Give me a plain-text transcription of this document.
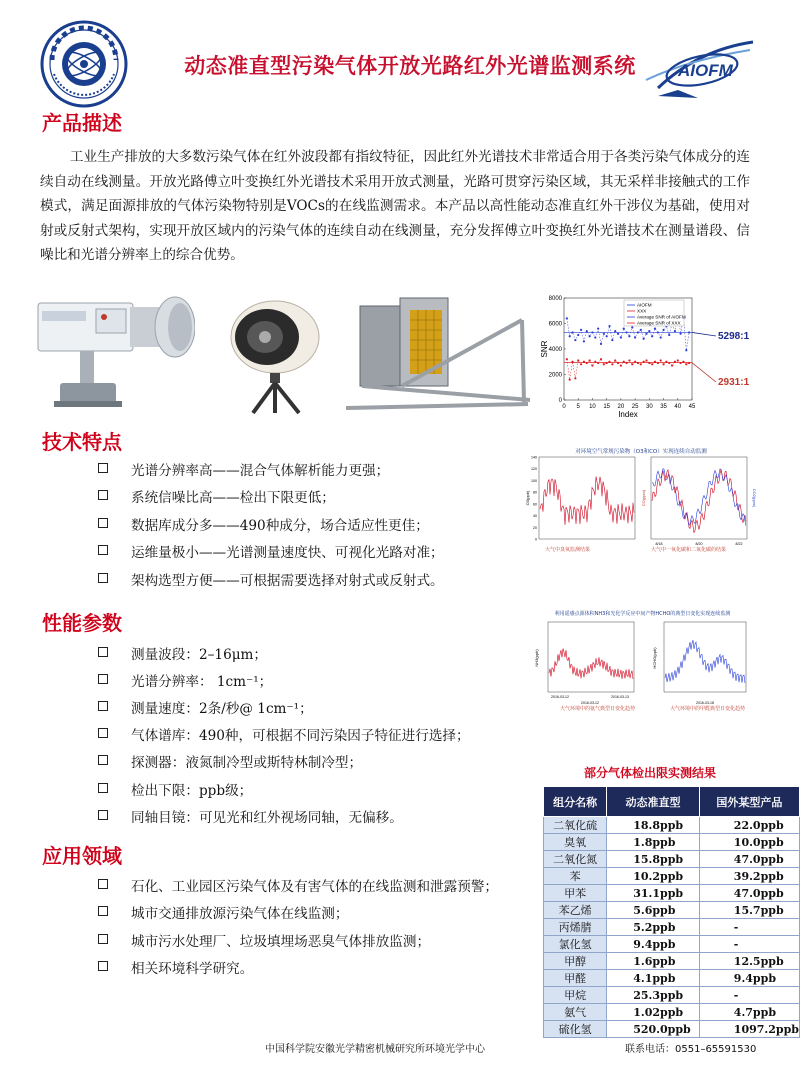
动态准直型污染气体开放光路红外光谱监测系统	AIOFM
产品描述
工业生产排放的大多数污染气体在红外波段都有指纹特征，因此红外光谱技术非常适合用于各类污染气体成分的连续自动在线测量。开放光路傅立叶变换红外光谱技术采用开放式测量，光路可贯穿污染区域，其无采样非接触式的工作模式，满足面源排放的气体污染物特别是VOCs的在线监测需求。本产品以高性能动态准直红外干涉仪为基础，使用对射或反射式架构，实现开放区域内的污染气体的连续自动在线测量，充分发挥傅立叶变换红外光谱技术在测量谱段、信噪比和光谱分辨率上的综合优势。
0
2000
4000
6000
8000
0 5 10 15 20 25 30 35 40 45
Index
SNR
AIOFM
XXX
Average SNR of AIOFM
Average SNR of XXX
5298:1
2931:1
技术特点
光谱分辨率高——混合气体解析能力更强；
系统信噪比高——检出下限更低；
数据库成分多——490种成分，场合适应性更佳；
运维量极小——光谱测量速度快、可视化光路对准；
架构选型方便——可根据需要选择对射式或反射式。
对环境空气常规污染物（O3和CO）实现连续自动监测
0
20
40
60
80
100
120
140
O3(ppb)	CO(ppm)	CO2(ppm)
8/18	8/20	8/22
大气中臭氧监测结果	大气中一氧化碳和二氧化碳的结果
性能参数
测量波段：2–16μm；
光谱分辨率： 1cm⁻¹；
测量速度：2条/秒@ 1cm⁻¹；
气体谱库：490种，可根据不同污染因子特征进行选择；
探测器：液氮制冷型或斯特林制冷型；
检出下限：ppb级；
同轴目镜：可见光和红外视场同轴，无偏移。
利用遥感点源体积NH3和光化学反应中间产物HCHO的典型日变化实现连续监测
NH3(ppb)
2016-03-12	2016-03-13
2016-03-12
HCHO(ppb)
2016-03-18
大气环境中的氨气典型日变化趋势	大气环境中的甲醛典型日变化趋势
应用领域
石化、工业园区污染气体及有害气体的在线监测和泄露预警；
城市交通排放源污染气体在线监测；
城市污水处理厂、垃圾填埋场恶臭气体排放监测；
相关环境科学研究。
部分气体检出限实测结果
组分名称	动态准直型	国外某型产品
二氧化硫	18.8ppb	22.0ppb
臭氧	1.8ppb	10.0ppb
二氧化氮	15.8ppb	47.0ppb
苯	10.2ppb	39.2ppb
甲苯	31.1ppb	47.0ppb
苯乙烯	5.6ppb	15.7ppb
丙烯腈	5.2ppb	-
氯化氢	9.4ppb	-
甲醇	1.6ppb	12.5ppb
甲醛	4.1ppb	9.4ppb
甲烷	25.3ppb	-
氨气	1.02ppb	4.7ppb
硫化氢	520.0ppb	1097.2ppb
中国科学院安徽光学精密机械研究所环境光学中心	联系电话：0551–65591530
